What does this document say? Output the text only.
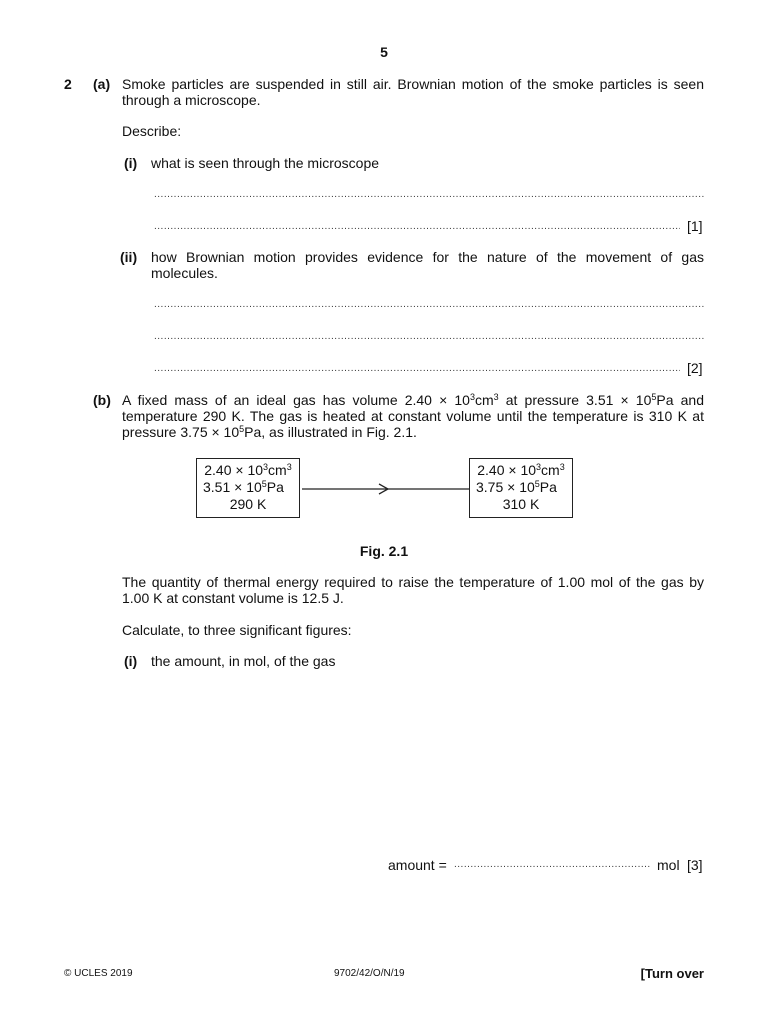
5
2 (a) Smoke particles are suspended in still air. Brownian motion of the smoke particles is seen through a microscope.
Describe:
(i) what is seen through the microscope
.....
.....
[1]
(ii) how Brownian motion provides evidence for the nature of the movement of gas molecules.
.....
.....
.....
[2]
(b) A fixed mass of an ideal gas has volume $2.40 \times 10^3cm^3$ at pressure $3.51 \times 10^5Pa$ and temperature 290 K. The gas is heated at constant volume until the temperature is 310 K at pressure $3.75 \times 10^5Pa$, as illustrated in Fig. 2.1.
$2.40 \times 10^3cm^3$
$3.51 \times 10^5Pa$
290 K
$2.40 \times 10^3cm^3$
$3.75 \times 10^5Pa$
310 K
Fig. 2.1
The quantity of thermal energy required to raise the temperature of 1.00 mol of the gas by 1.00 K at constant volume is 12.5 J.
Calculate, to three significant figures:
(i) the amount, in mol, of the gas
amount =
.....	mol [3]
© UCLES 2019	9702/42/O/N/19	[Turn over
